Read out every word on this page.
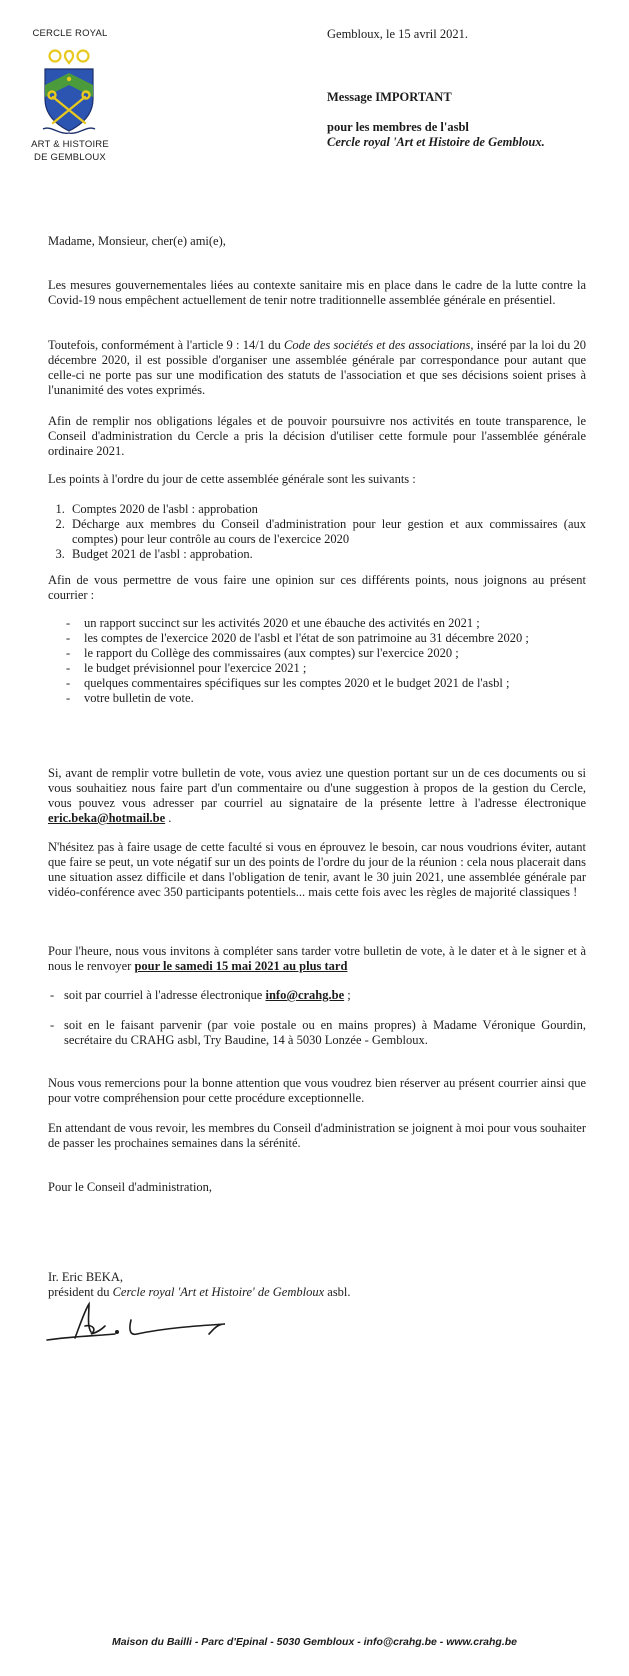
CERCLE ROYAL
ART & HISTOIRE
DE GEMBLOUX
Gembloux, le 15 avril 2021.
Message IMPORTANT
pour les membres de l'asbl
Cercle royal 'Art et Histoire de Gembloux.
Madame, Monsieur, cher(e) ami(e),
Les mesures gouvernementales liées au contexte sanitaire mis en place dans le cadre de la lutte contre la Covid-19 nous empêchent actuellement de tenir notre traditionnelle assemblée générale en présentiel.
Toutefois, conformément à l'article 9 : 14/1 du Code des sociétés et des associations, inséré par la loi du 20 décembre 2020, il est possible d'organiser une assemblée générale par correspondance pour autant que celle-ci ne porte pas sur une modification des statuts de l'association et que ses décisions soient prises à l'unanimité des votes exprimés.
Afin de remplir nos obligations légales et de pouvoir poursuivre nos activités en toute transparence, le Conseil d'administration du Cercle a pris la décision d'utiliser cette formule pour l'assemblée générale ordinaire 2021.
Les points à l'ordre du jour de cette assemblée générale sont les suivants :
1. Comptes 2020 de l'asbl : approbation
2. Décharge aux membres du Conseil d'administration pour leur gestion et aux commissaires (aux comptes) pour leur contrôle au cours de l'exercice 2020
3. Budget 2021 de l'asbl : approbation.
Afin de vous permettre de vous faire une opinion sur ces différents points, nous joignons au présent courrier :
- un rapport succinct sur les activités 2020 et une ébauche des activités en 2021 ;
- les comptes de l'exercice 2020 de l'asbl et l'état de son patrimoine au 31 décembre 2020 ;
- le rapport du Collège des commissaires (aux comptes) sur l'exercice 2020 ;
- le budget prévisionnel pour l'exercice 2021 ;
- quelques commentaires spécifiques sur les comptes 2020 et le budget 2021 de l'asbl ;
- votre bulletin de vote.
Si, avant de remplir votre bulletin de vote, vous aviez une question portant sur un de ces documents ou si vous souhaitiez nous faire part d'un commentaire ou d'une suggestion à propos de la gestion du Cercle, vous pouvez vous adresser par courriel au signataire de la présente lettre à l'adresse électronique eric.beka@hotmail.be .
N'hésitez pas à faire usage de cette faculté si vous en éprouvez le besoin, car nous voudrions éviter, autant que faire se peut, un vote négatif sur un des points de l'ordre du jour de la réunion : cela nous placerait dans une situation assez difficile et dans l'obligation de tenir, avant le 30 juin 2021, une assemblée générale par vidéo-conférence avec 350 participants potentiels... mais cette fois avec les règles de majorité classiques !
Pour l'heure, nous vous invitons à compléter sans tarder votre bulletin de vote, à le dater et à le signer et à nous le renvoyer pour le samedi 15 mai 2021 au plus tard
- soit par courriel à l'adresse électronique info@crahg.be ;
- soit en le faisant parvenir (par voie postale ou en mains propres) à Madame Véronique Gourdin, secrétaire du CRAHG asbl, Try Baudine, 14 à 5030 Lonzée - Gembloux.
Nous vous remercions pour la bonne attention que vous voudrez bien réserver au présent courrier ainsi que pour votre compréhension pour cette procédure exceptionnelle.
En attendant de vous revoir, les membres du Conseil d'administration se joignent à moi pour vous souhaiter de passer les prochaines semaines dans la sérénité.
Pour le Conseil d'administration,
Ir. Eric BEKA,
président du Cercle royal 'Art et Histoire' de Gembloux asbl.
Maison du Bailli - Parc d'Epinal - 5030 Gembloux - info@crahg.be - www.crahg.be
